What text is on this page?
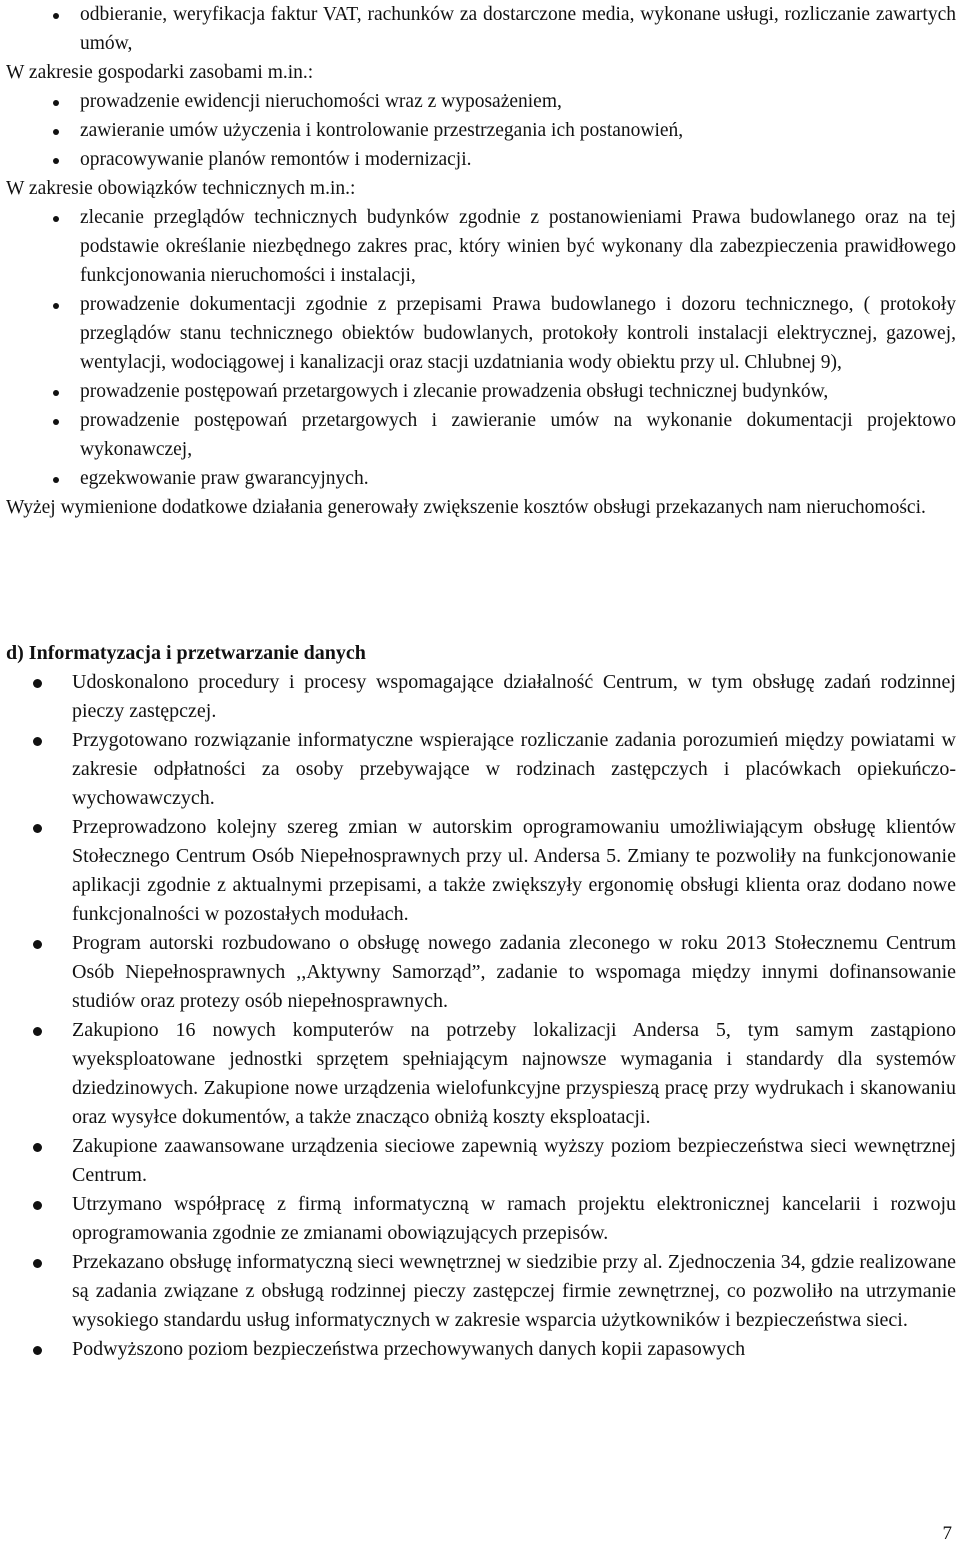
odbieranie, weryfikacja faktur VAT, rachunków za dostarczone media, wykonane usługi, rozliczanie zawartych umów,

W zakresie gospodarki zasobami m.in.:

prowadzenie ewidencji nieruchomości wraz z wyposażeniem,
zawieranie umów użyczenia i kontrolowanie przestrzegania ich postanowień,
opracowywanie planów remontów i modernizacji.

W zakresie obowiązków technicznych m.in.:

zlecanie przeglądów technicznych budynków zgodnie z postanowieniami Prawa budowlanego oraz na tej podstawie określanie niezbędnego zakres prac, który winien być wykonany dla zabezpieczenia prawidłowego funkcjonowania nieruchomości i instalacji,
prowadzenie dokumentacji zgodnie z przepisami Prawa budowlanego i dozoru technicznego, ( protokoły przeglądów stanu technicznego obiektów budowlanych, protokoły kontroli instalacji elektrycznej, gazowej, wentylacji, wodociągowej i kanalizacji oraz stacji uzdatniania wody obiektu przy ul. Chlubnej 9),
prowadzenie postępowań przetargowych i zlecanie prowadzenia obsługi technicznej budynków,
prowadzenie postępowań przetargowych i zawieranie umów na wykonanie dokumentacji projektowo wykonawczej,
egzekwowanie praw gwarancyjnych.

Wyżej wymienione dodatkowe działania generowały zwiększenie kosztów obsługi przekazanych nam nieruchomości.

d) Informatyzacja i przetwarzanie danych

Udoskonalono procedury i procesy wspomagające działalność Centrum, w tym obsługę zadań rodzinnej pieczy zastępczej.
Przygotowano rozwiązanie informatyczne wspierające rozliczanie zadania porozumień między powiatami w zakresie odpłatności za osoby przebywające w rodzinach zastępczych i placówkach opiekuńczo-wychowawczych.
Przeprowadzono kolejny szereg zmian w autorskim oprogramowaniu umożliwiającym obsługę klientów Stołecznego Centrum Osób Niepełnosprawnych przy ul. Andersa 5. Zmiany te pozwoliły na funkcjonowanie aplikacji zgodnie z aktualnymi przepisami, a także zwiększyły ergonomię obsługi klienta oraz dodano nowe funkcjonalności w pozostałych modułach.
Program autorski rozbudowano o obsługę nowego zadania zleconego w roku 2013 Stołecznemu Centrum Osób Niepełnosprawnych ,,Aktywny Samorząd”, zadanie to wspomaga między innymi dofinansowanie studiów oraz protezy osób niepełnosprawnych.
Zakupiono 16 nowych komputerów na potrzeby lokalizacji Andersa 5, tym samym zastąpiono wyeksploatowane jednostki sprzętem spełniającym najnowsze wymagania i standardy dla systemów dziedzinowych. Zakupione nowe urządzenia wielofunkcyjne przyspieszą pracę przy wydrukach i skanowaniu oraz wysyłce dokumentów, a także znacząco obniżą koszty eksploatacji.
Zakupione zaawansowane urządzenia sieciowe zapewnią wyższy poziom bezpieczeństwa sieci wewnętrznej Centrum.
Utrzymano współpracę z firmą informatyczną w ramach projektu elektronicznej kancelarii i rozwoju oprogramowania zgodnie ze zmianami obowiązujących przepisów.
Przekazano obsługę informatyczną sieci wewnętrznej w siedzibie przy al. Zjednoczenia 34, gdzie realizowane są zadania związane z obsługą rodzinnej pieczy zastępczej firmie zewnętrznej, co pozwoliło na utrzymanie wysokiego standardu usług informatycznych w zakresie wsparcia użytkowników i bezpieczeństwa sieci.
Podwyższono poziom bezpieczeństwa przechowywanych danych kopii zapasowych
7
